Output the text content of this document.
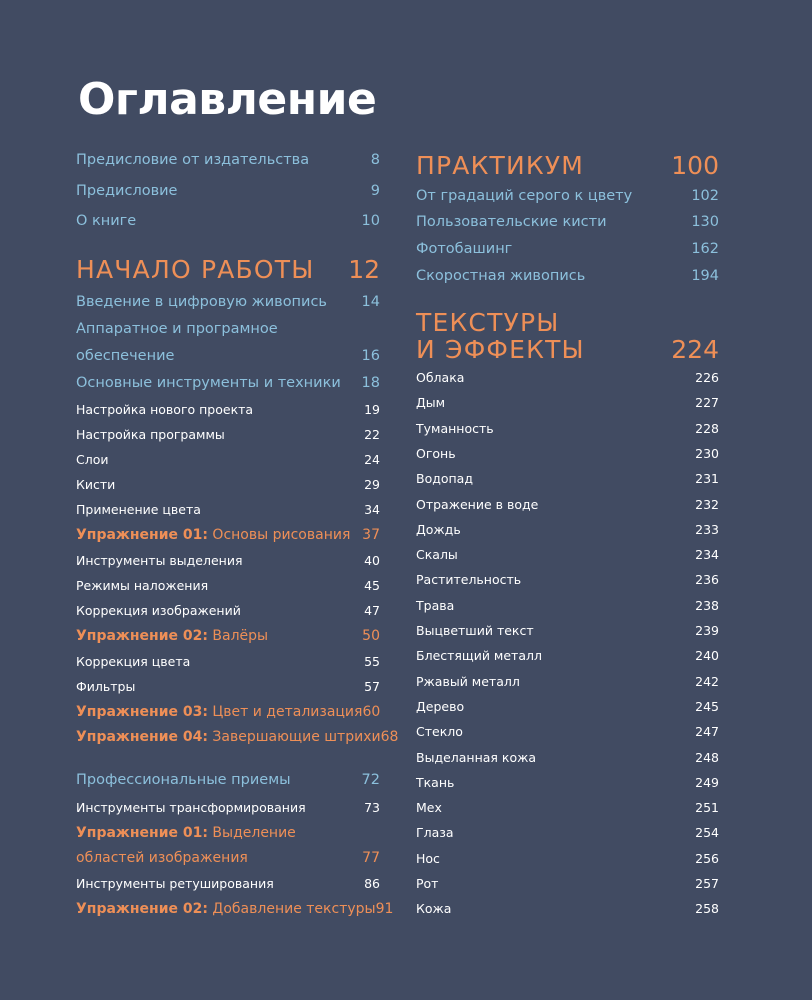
Оглавление
Предисловие от издательства	8
Предисловие	9
О книге	10
НАЧАЛО РАБОТЫ 12
Введение в цифровую живопись 14
Аппаратное и програмное
обеспечение	16
Основные инструменты и техники 18
Настройка нового проекта	19
Настройка программы	22
Слои	24
Кисти	29
Применение цвета	34
Упражнение 01: Основы рисования 37
Инструменты выделения	40
Режимы наложения	45
Коррекция изображений	47
Упражнение 02: Валёры	50
Коррекция цвета	55
Фильтры	57
Упражнение 03: Цвет и детализация 60
Упражнение 04: Завершающие штрихи 68
Профессиональные приемы	72
Инструменты трансформирования	73
Упражнение 01: Выделение
областей изображения	77
Инструменты ретуширования	86
Упражнение 02: Добавление текстуры 91
ПРАКТИКУМ	100
От градаций серого к цвету	102
Пользовательские кисти	130
Фотобашинг	162
Скоростная живопись	194
ТЕКСТУРЫ
И ЭФФЕКТЫ	224
Облака	226
Дым	227
Туманность	228
Огонь	230
Водопад	231
Отражение в воде	232
Дождь	233
Скалы	234
Растительность	236
Трава	238
Выцветший текст	239
Блестящий металл	240
Ржавый металл	242
Дерево	245
Стекло	247
Выделанная кожа	248
Ткань	249
Мех	251
Глаза	254
Нос	256
Рот	257
Кожа	258
